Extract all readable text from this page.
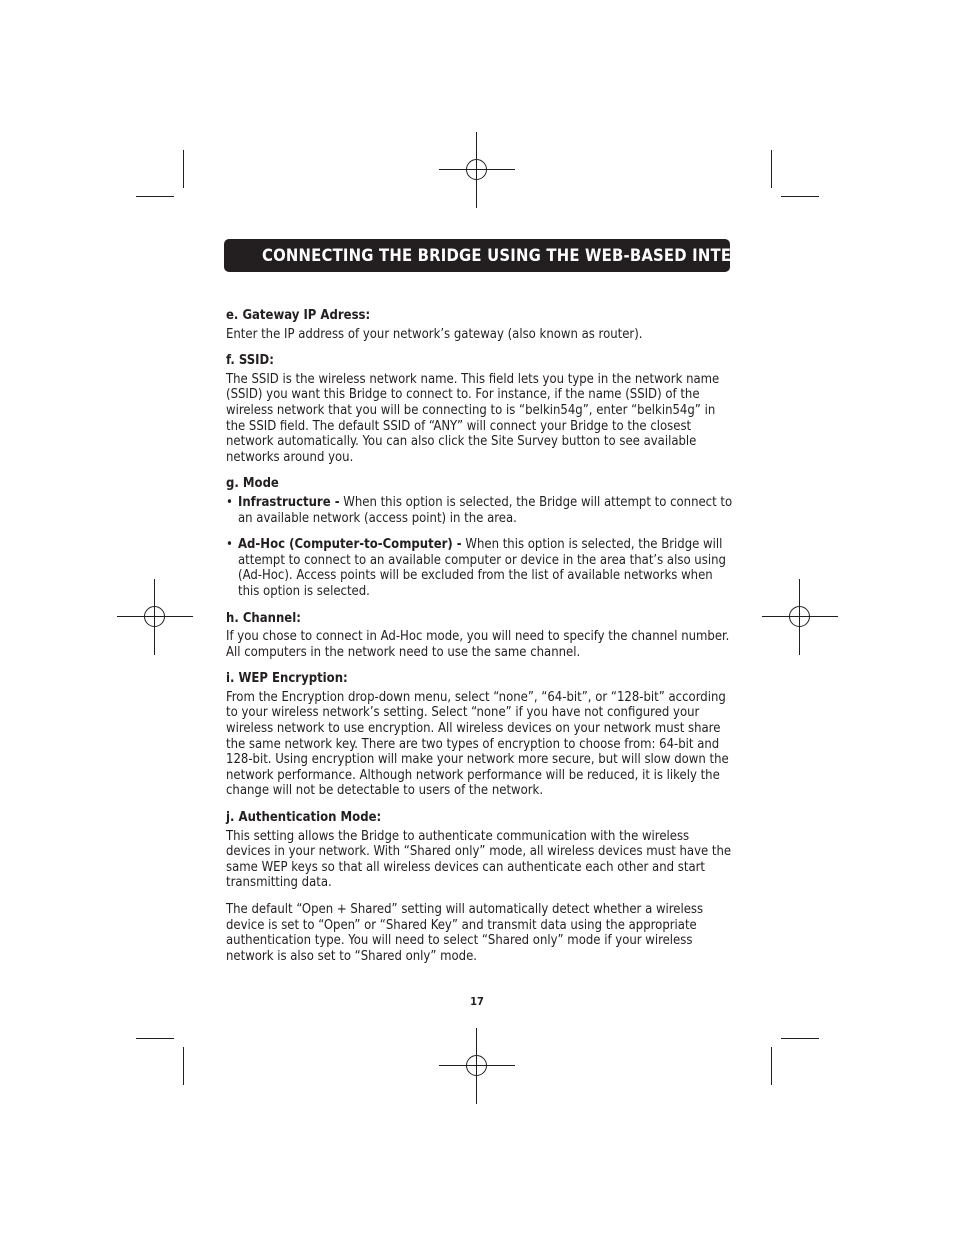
CONNECTING THE BRIDGE USING THE WEB-BASED INTERFACE
e. Gateway IP Adress:

Enter the IP address of your network’s gateway (also known as router).

f. SSID:

The SSID is the wireless network name. This field lets you type in the network name (SSID) you want this Bridge to connect to. For instance, if the name (SSID) of the wireless network that you will be connecting to is “belkin54g”, enter “belkin54g” in the SSID field. The default SSID of “ANY” will connect your Bridge to the closest network automatically. You can also click the Site Survey button to see available networks around you.

g. Mode

• Infrastructure - When this option is selected, the Bridge will attempt to connect to an available network (access point) in the area.

• Ad-Hoc (Computer-to-Computer) - When this option is selected, the Bridge will attempt to connect to an available computer or device in the area that’s also using (Ad-Hoc). Access points will be excluded from the list of available networks when this option is selected.

h. Channel:

If you chose to connect in Ad-Hoc mode, you will need to specify the channel number. All computers in the network need to use the same channel.

i. WEP Encryption:

From the Encryption drop-down menu, select “none”, “64-bit”, or “128-bit” according to your wireless network’s setting. Select “none” if you have not configured your wireless network to use encryption. All wireless devices on your network must share the same network key. There are two types of encryption to choose from: 64-bit and 128-bit. Using encryption will make your network more secure, but will slow down the network performance. Although network performance will be reduced, it is likely the change will not be detectable to users of the network.

j. Authentication Mode:

This setting allows the Bridge to authenticate communication with the wireless devices in your network. With “Shared only” mode, all wireless devices must have the same WEP keys so that all wireless devices can authenticate each other and start transmitting data.

The default “Open + Shared” setting will automatically detect whether a wireless device is set to “Open” or “Shared Key” and transmit data using the appropriate authentication type. You will need to select “Shared only” mode if your wireless network is also set to “Shared only” mode.

17
